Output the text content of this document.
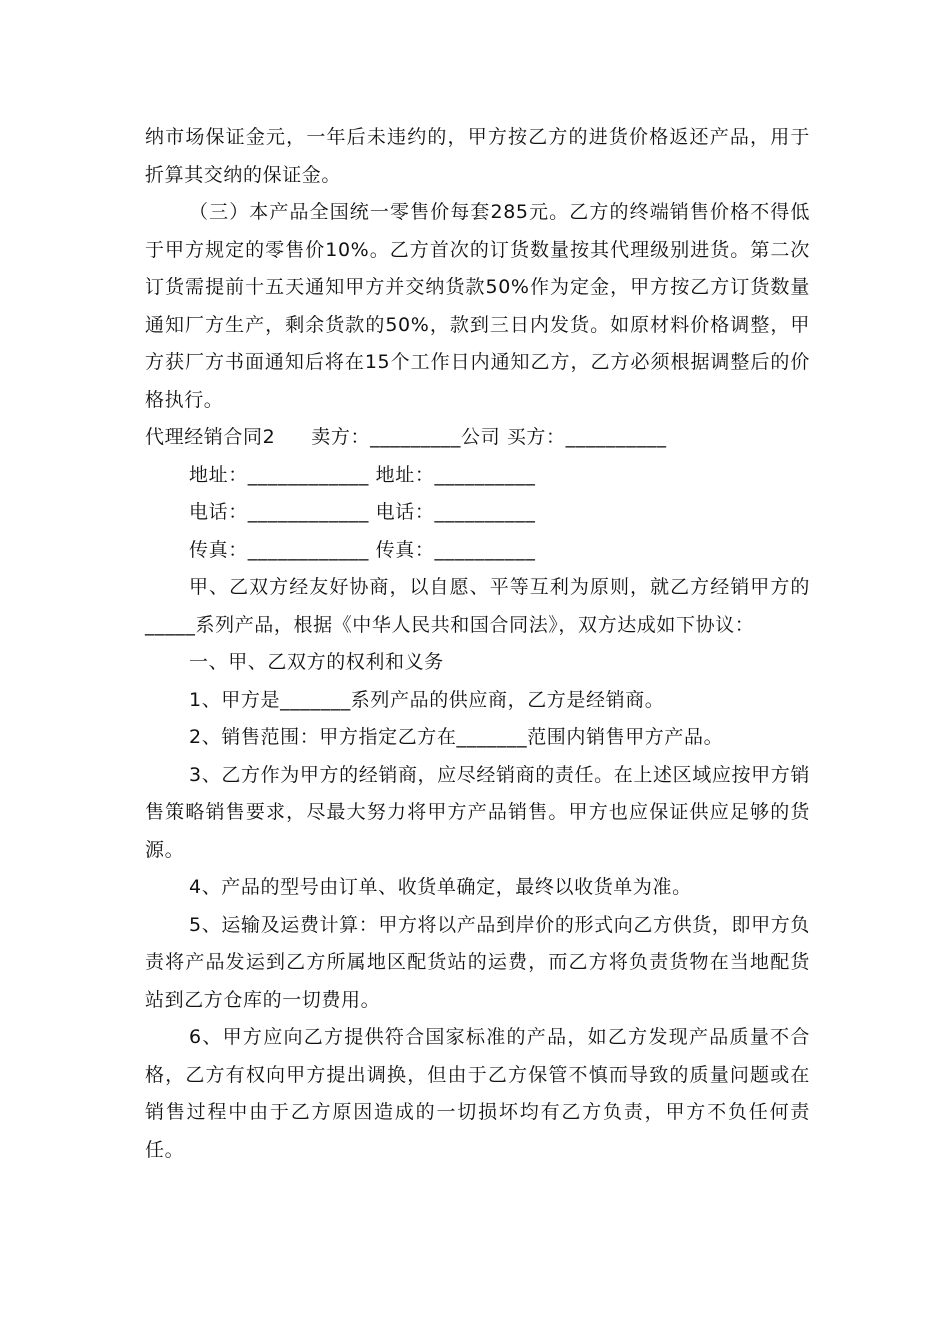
纳市场保证金元，一年后未违约的，甲方按乙方的进货价格返还产品，用于折算其交纳的保证金。

（三）本产品全国统一零售价每套285元。乙方的终端销售价格不得低于甲方规定的零售价10%。乙方首次的订货数量按其代理级别进货。第二次订货需提前十五天通知甲方并交纳货款50%作为定金，甲方按乙方订货数量通知厂方生产，剩余货款的50%，款到三日内发货。如原材料价格调整，甲方获厂方书面通知后将在15个工作日内通知乙方，乙方必须根据调整后的价格执行。

代理经销合同2 卖方：_________公司 买方：__________

地址：____________ 地址：__________

电话：____________ 电话：__________

传真：____________ 传真：__________

甲、乙双方经友好协商，以自愿、平等互利为原则，就乙方经销甲方的_____系列产品，根据《中华人民共和国合同法》，双方达成如下协议：

一、甲、乙双方的权利和义务

1、甲方是_______系列产品的供应商，乙方是经销商。

2、销售范围：甲方指定乙方在_______范围内销售甲方产品。

3、乙方作为甲方的经销商，应尽经销商的责任。在上述区域应按甲方销售策略销售要求，尽最大努力将甲方产品销售。甲方也应保证供应足够的货源。

4、产品的型号由订单、收货单确定，最终以收货单为准。

5、运输及运费计算：甲方将以产品到岸价的形式向乙方供货，即甲方负责将产品发运到乙方所属地区配货站的运费，而乙方将负责货物在当地配货站到乙方仓库的一切费用。

6、甲方应向乙方提供符合国家标准的产品，如乙方发现产品质量不合格，乙方有权向甲方提出调换，但由于乙方保管不慎而导致的质量问题或在销售过程中由于乙方原因造成的一切损坏均有乙方负责，甲方不负任何责任。
